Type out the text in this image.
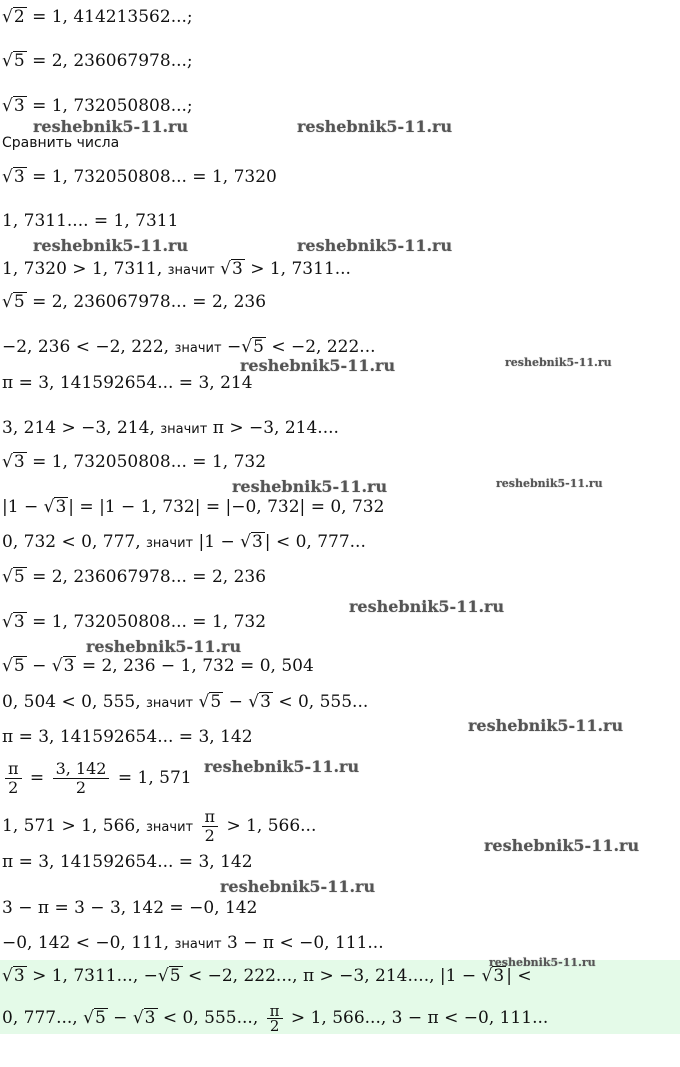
√2 = 1, 414213562...;
√5 = 2, 236067978...;
√3 = 1, 732050808...;
Сравнить числа
√3 = 1, 732050808... = 1, 7320
1, 7311.... = 1, 7311
1, 7320 > 1, 7311, значит √3 > 1, 7311...
√5 = 2, 236067978... = 2, 236
−2, 236 < −2, 222, значит −√5 < −2, 222...
π = 3, 141592654... = 3, 214
3, 214 > −3, 214, значит π > −3, 214....
√3 = 1, 732050808... = 1, 732
|1 − √3 | = |1 − 1, 732| = |−0, 732| = 0, 732
0, 732 < 0, 777, значит |1 − √3 | < 0, 777...
√5 = 2, 236067978... = 2, 236
√3 = 1, 732050808... = 1, 732
√5 − √3 = 2, 236 − 1, 732 = 0, 504
0, 504 < 0, 555, значит √5 − √3 < 0, 555...
π = 3, 141592654... = 3, 142
$\frac{\pi}{2} = \frac{3, 142}{2} = 1$, 571
1, 571 > 1, 566, значит $\frac{\pi}{2} > 1$, 566...
π = 3, 141592654... = 3, 142
3 − π = 3 − 3, 142 = −0, 142
−0, 142 < −0, 111, значит 3 − π < −0, 111...
√3 > 1, 7311..., −√5 < −2, 222..., π > −3, 214...., |1 − √3 | <
0, 777..., √5 − √3 < 0, 555..., $\frac{\pi}{2} > 1$, 566..., 3 − π < −0, 111...
reshebnik5-11.ru	reshebnik5-11.ru
reshebnik5-11.ru	reshebnik5-11.ru
reshebnik5-11.ru	reshebnik5-11.ru
reshebnik5-11.ru	reshebnik5-11.ru
reshebnik5-11.ru
reshebnik5-11.ru
reshebnik5-11.ru
reshebnik5-11.ru
reshebnik5-11.ru
reshebnik5-11.ru
reshebnik5-11.ru
